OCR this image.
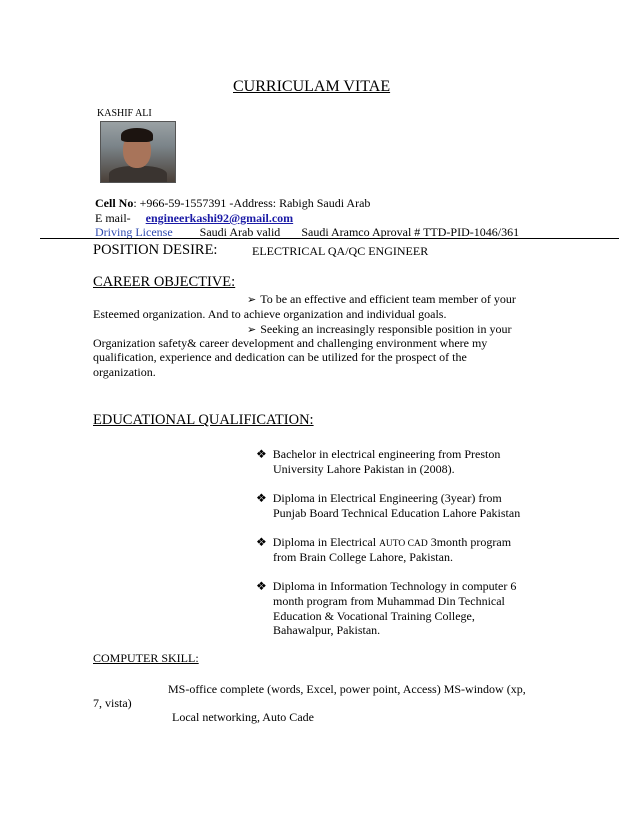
CURRICULAM VITAE
KASHIF ALI
Cell No: +966-59-1557391 -Address: Rabigh Saudi Arab
E mail- engineerkashi92@gmail.com
Driving License Saudi Arab valid Saudi Aramco Aproval # TTD-PID-1046/361
POSITION DESIRE:	ELECTRICAL QA/QC ENGINEER
CAREER OBJECTIVE:
➢ To be an effective and efficient team member of your
Esteemed organization. And to achieve organization and individual goals.
➢ Seeking an increasingly responsible position in your
Organization safety& career development and challenging environment where my
qualification, experience and dedication can be utilized for the prospect of the
organization.
EDUCATIONAL QUALIFICATION:
❖ Bachelor in electrical engineering from Preston
University Lahore Pakistan in (2008).
❖ Diploma in Electrical Engineering (3year) from
Punjab Board Technical Education Lahore Pakistan
❖ Diploma in Electrical AUTO CAD 3month program
from Brain College Lahore, Pakistan.
❖ Diploma in Information Technology in computer 6
month program from Muhammad Din Technical
Education & Vocational Training College,
Bahawalpur, Pakistan.
COMPUTER SKILL:
MS-office complete (words, Excel, power point, Access) MS-window (xp,
7, vista)
Local networking, Auto Cade
